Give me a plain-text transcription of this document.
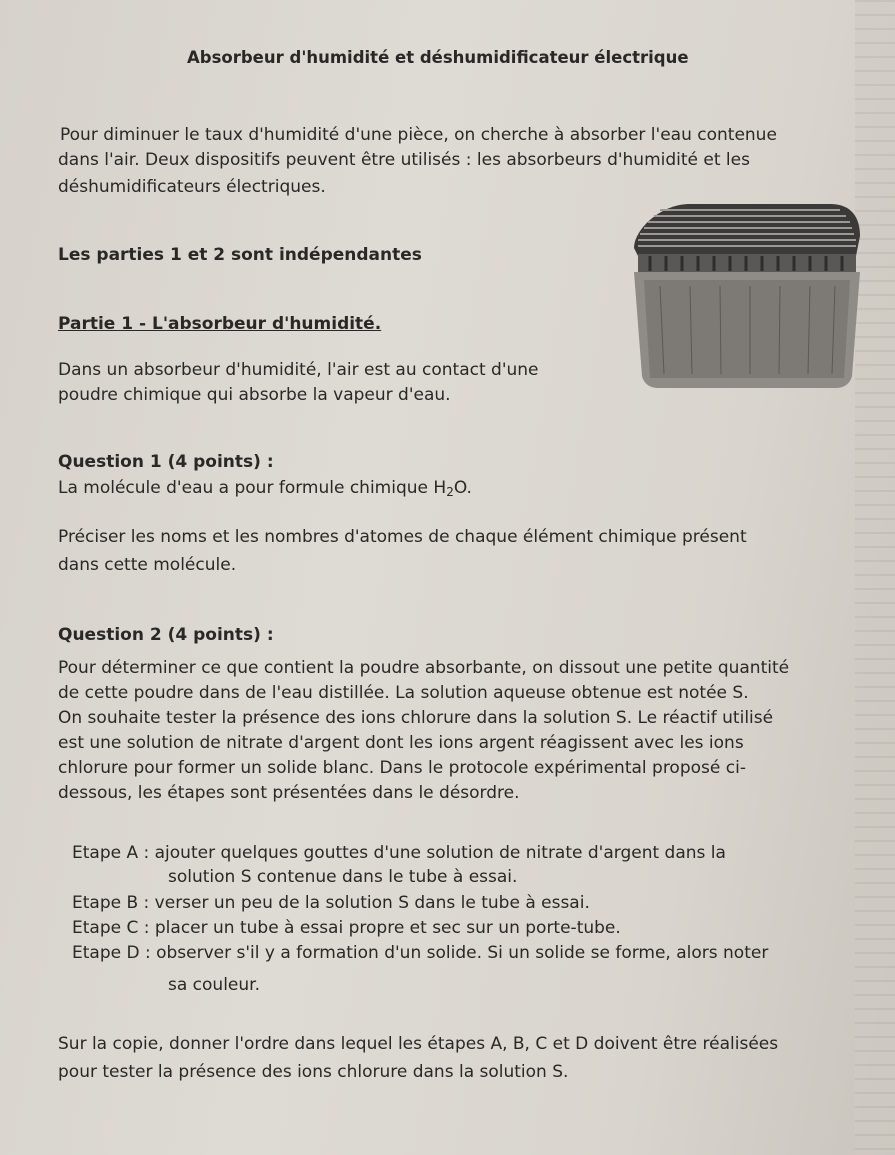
Absorbeur d'humidité et déshumidificateur électrique
Pour diminuer le taux d'humidité d'une pièce, on cherche à absorber l'eau contenue
dans l'air. Deux dispositifs peuvent être utilisés : les absorbeurs d'humidité et les
déshumidificateurs électriques.
Les parties 1 et 2 sont indépendantes
Partie 1 - L'absorbeur d'humidité.
Dans un absorbeur d'humidité, l'air est au contact d'une
poudre chimique qui absorbe la vapeur d'eau.
Question 1 (4 points) :
La molécule d'eau a pour formule chimique $H_2O$.
Préciser les noms et les nombres d'atomes de chaque élément chimique présent
dans cette molécule.
Question 2 (4 points) :
Pour déterminer ce que contient la poudre absorbante, on dissout une petite quantité
de cette poudre dans de l'eau distillée. La solution aqueuse obtenue est notée S.
On souhaite tester la présence des ions chlorure dans la solution S. Le réactif utilisé
est une solution de nitrate d'argent dont les ions argent réagissent avec les ions
chlorure pour former un solide blanc. Dans le protocole expérimental proposé ci-
dessous, les étapes sont présentées dans le désordre.
Etape A : ajouter quelques gouttes d'une solution de nitrate d'argent dans la
solution S contenue dans le tube à essai.
Etape B : verser un peu de la solution S dans le tube à essai.
Etape C : placer un tube à essai propre et sec sur un porte-tube.
Etape D : observer s'il y a formation d'un solide. Si un solide se forme, alors noter
sa couleur.
Sur la copie, donner l'ordre dans lequel les étapes A, B, C et D doivent être réalisées
pour tester la présence des ions chlorure dans la solution S.
